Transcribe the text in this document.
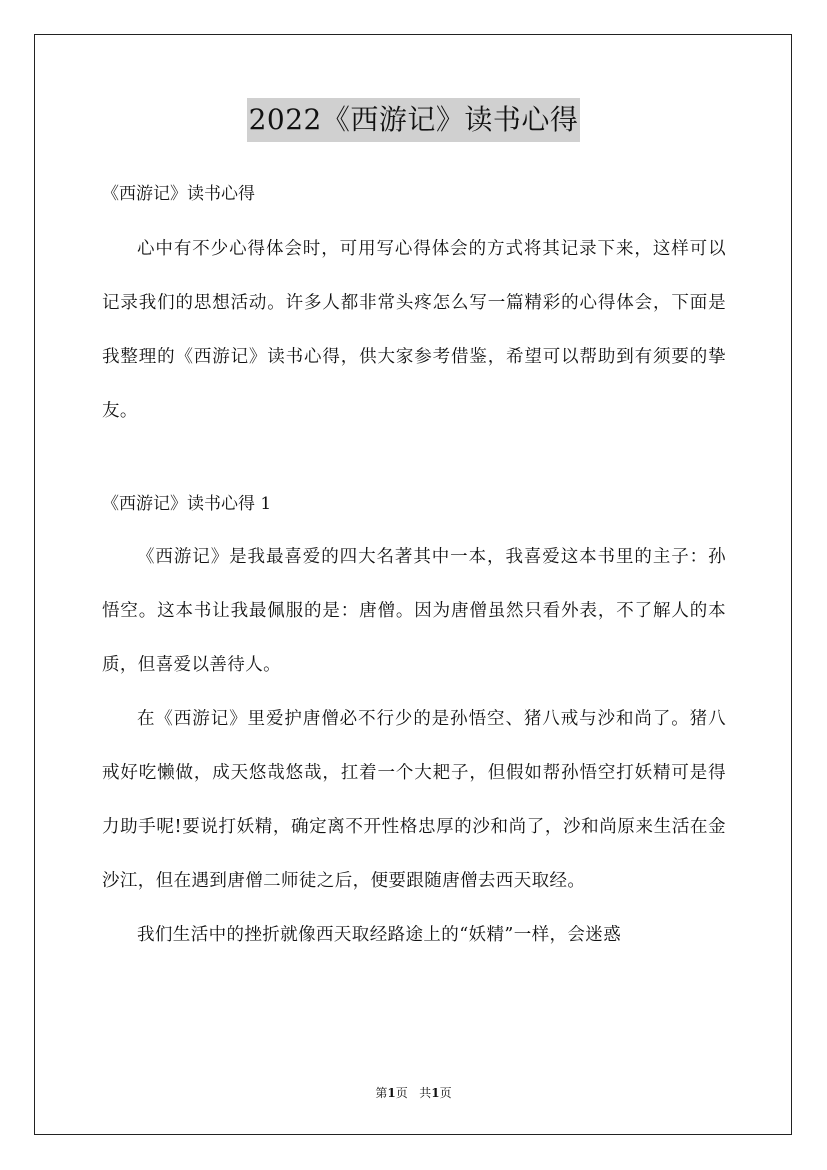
2022《西游记》读书心得

《西游记》读书心得

心中有不少心得体会时，可用写心得体会的方式将其记录下来，这样可以记录我们的思想活动。许多人都非常头疼怎么写一篇精彩的心得体会，下面是我整理的《西游记》读书心得，供大家参考借鉴，希望可以帮助到有须要的挚友。

《西游记》读书心得 1

《西游记》是我最喜爱的四大名著其中一本，我喜爱这本书里的主子：孙悟空。这本书让我最佩服的是：唐僧。因为唐僧虽然只看外表，不了解人的本质，但喜爱以善待人。

在《西游记》里爱护唐僧必不行少的是孙悟空、猪八戒与沙和尚了。猪八戒好吃懒做，成天悠哉悠哉，扛着一个大耙子，但假如帮孙悟空打妖精可是得力助手呢!要说打妖精，确定离不开性格忠厚的沙和尚了，沙和尚原来生活在金沙江，但在遇到唐僧二师徒之后，便要跟随唐僧去西天取经。

我们生活中的挫折就像西天取经路途上的“妖精”一样，会迷惑

第1页 共1页
